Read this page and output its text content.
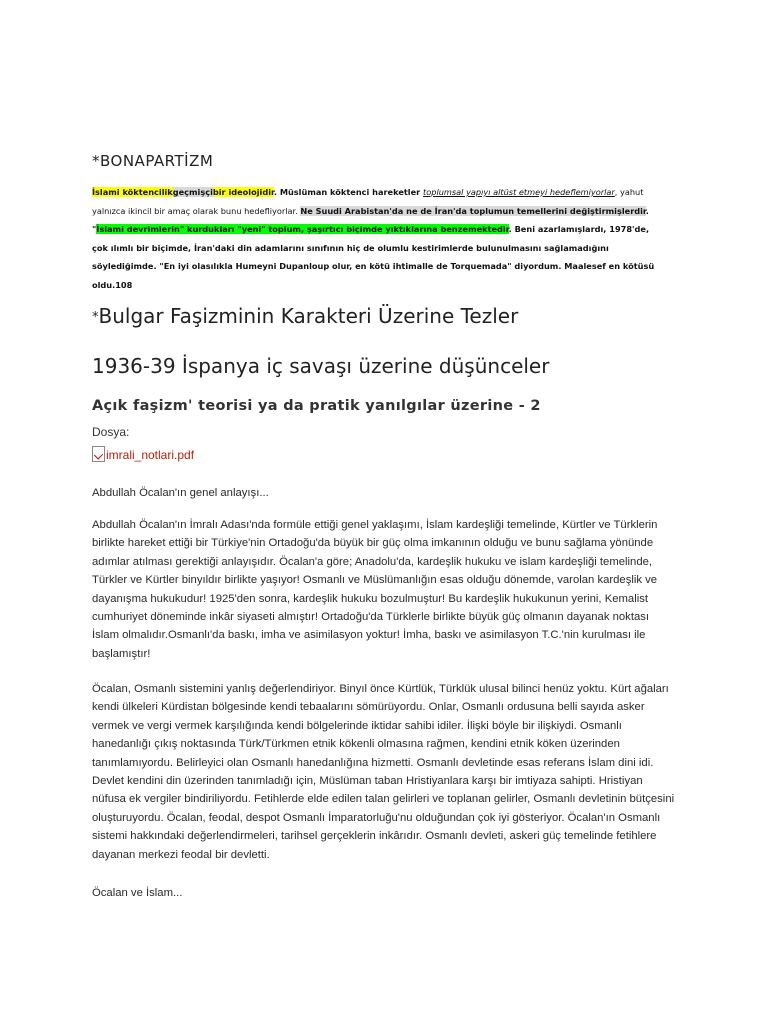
*BONAPARTİZM
İslami köktencilikgeçmişçibir ideolojidir. Müslüman köktenci hareketler toplumsal yapıyı altüst etmeyi hedeflemiyorlar, yahut yalnızca ikincil bir amaç olarak bunu hedefliyorlar. Ne Suudi Arabistan'da ne de İran'da toplumun temellerini değiştirmişlerdir. "İslami devrimlerin" kurdukları "yeni" toplum, şaşırtıcı biçimde yıktıklarına benzemektedir. Beni azarlamışlardı, 1978'de, çok ılımlı bir biçimde, İran'daki din adamlarını sınıfının hiç de olumlu kestirimlerde bulunulmasını sağlamadığını söylediğimde. "En iyi olasılıkla Humeyni Dupanloup olur, en kötü ihtimalle de Torquemada" diyordum. Maalesef en kötüsü oldu.108
*Bulgar Faşizminin Karakteri Üzerine Tezler
1936-39 İspanya iç savaşı üzerine düşünceler
Açık faşizm' teorisi ya da pratik yanılgılar üzerine - 2
Dosya:
imrali_notlari.pdf
Abdullah Öcalan'ın genel anlayışı...
Abdullah Öcalan'ın İmralı Adası'nda formüle ettiği genel yaklaşımı, İslam kardeşliği temelinde, Kürtler ve Türklerin birlikte hareket ettiği bir Türkiye'nin Ortadoğu'da büyük bir güç olma imkanının olduğu ve bunu sağlama yönünde adımlar atılması gerektiği anlayışıdır. Öcalan'a göre; Anadolu'da, kardeşlik hukuku ve islam kardeşliği temelinde, Türkler ve Kürtler binyıldır birlikte yaşıyor! Osmanlı ve Müslümanlığın esas olduğu dönemde, varolan kardeşlik ve dayanışma hukukudur! 1925'den sonra, kardeşlik hukuku bozulmuştur! Bu kardeşlik hukukunun yerini, Kemalist cumhuriyet döneminde inkâr siyaseti almıştır! Ortadoğu'da Türklerle birlikte büyük güç olmanın dayanak noktası İslam olmalıdır.Osmanlı'da baskı, imha ve asimilasyon yoktur! İmha, baskı ve asimilasyon T.C.'nin kurulması ile başlamıştır!
Öcalan, Osmanlı sistemini yanlış değerlendiriyor. Binyıl önce Kürtlük, Türklük ulusal bilinci henüz yoktu. Kürt ağaları kendi ülkeleri Kürdistan bölgesinde kendi tebaalarını sömürüyordu. Onlar, Osmanlı ordusuna belli sayıda asker vermek ve vergi vermek karşılığında kendi bölgelerinde iktidar sahibi idiler. İlişki böyle bir ilişkiydi. Osmanlı hanedanlığı çıkış noktasında Türk/Türkmen etnik kökenli olmasına rağmen, kendini etnik köken üzerinden tanımlamıyordu. Belirleyici olan Osmanlı hanedanlığına hizmetti. Osmanlı devletinde esas referans İslam dini idi. Devlet kendini din üzerinden tanımladığı için, Müslüman taban Hristiyanlara karşı bir imtiyaza sahipti. Hristiyan nüfusa ek vergiler bindiriliyordu. Fetihlerde elde edilen talan gelirleri ve toplanan gelirler, Osmanlı devletinin bütçesini oluşturuyordu. Öcalan, feodal, despot Osmanlı İmparatorluğu'nu olduğundan çok iyi gösteriyor. Öcalan'ın Osmanlı sistemi hakkındaki değerlendirmeleri, tarihsel gerçeklerin inkârıdır. Osmanlı devleti, askeri güç temelinde fetihlere dayanan merkezi feodal bir devletti.
Öcalan ve İslam...
